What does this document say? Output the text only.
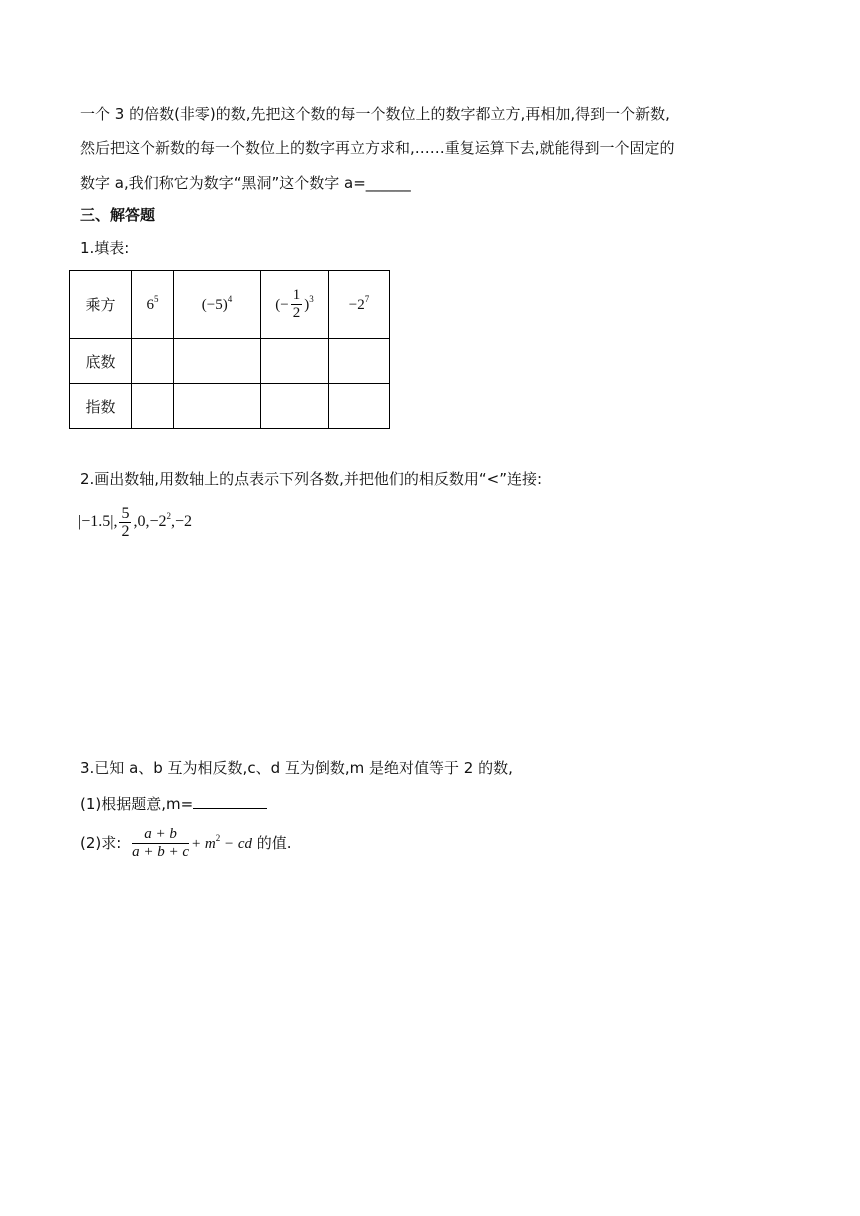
一个 3 的倍数(非零)的数,先把这个数的每一个数位上的数字都立方,再相加,得到一个新数,
然后把这个新数的每一个数位上的数字再立方求和,……重复运算下去,就能得到一个固定的
数字 a,我们称它为数字“黑洞”这个数字 a=______
三、解答题
1.填表:
乘方	$6^5$	$(-5)^4$	(− $\frac{1}{2} )^3$	$-2^7$
底数				
指数				
2.画出数轴,用数轴上的点表示下列各数,并把他们的相反数用“<”连接:
|−1.5|, $\frac{5}{2} ,0,-2^2,-2$
3.已知 a、b 互为相反数,c、d 互为倒数,m 是绝对值等于 2 的数,
(1)根据题意,m=
(2)求: $\frac{a + b}{a + b + c} + m^2$ − cd 的值.
